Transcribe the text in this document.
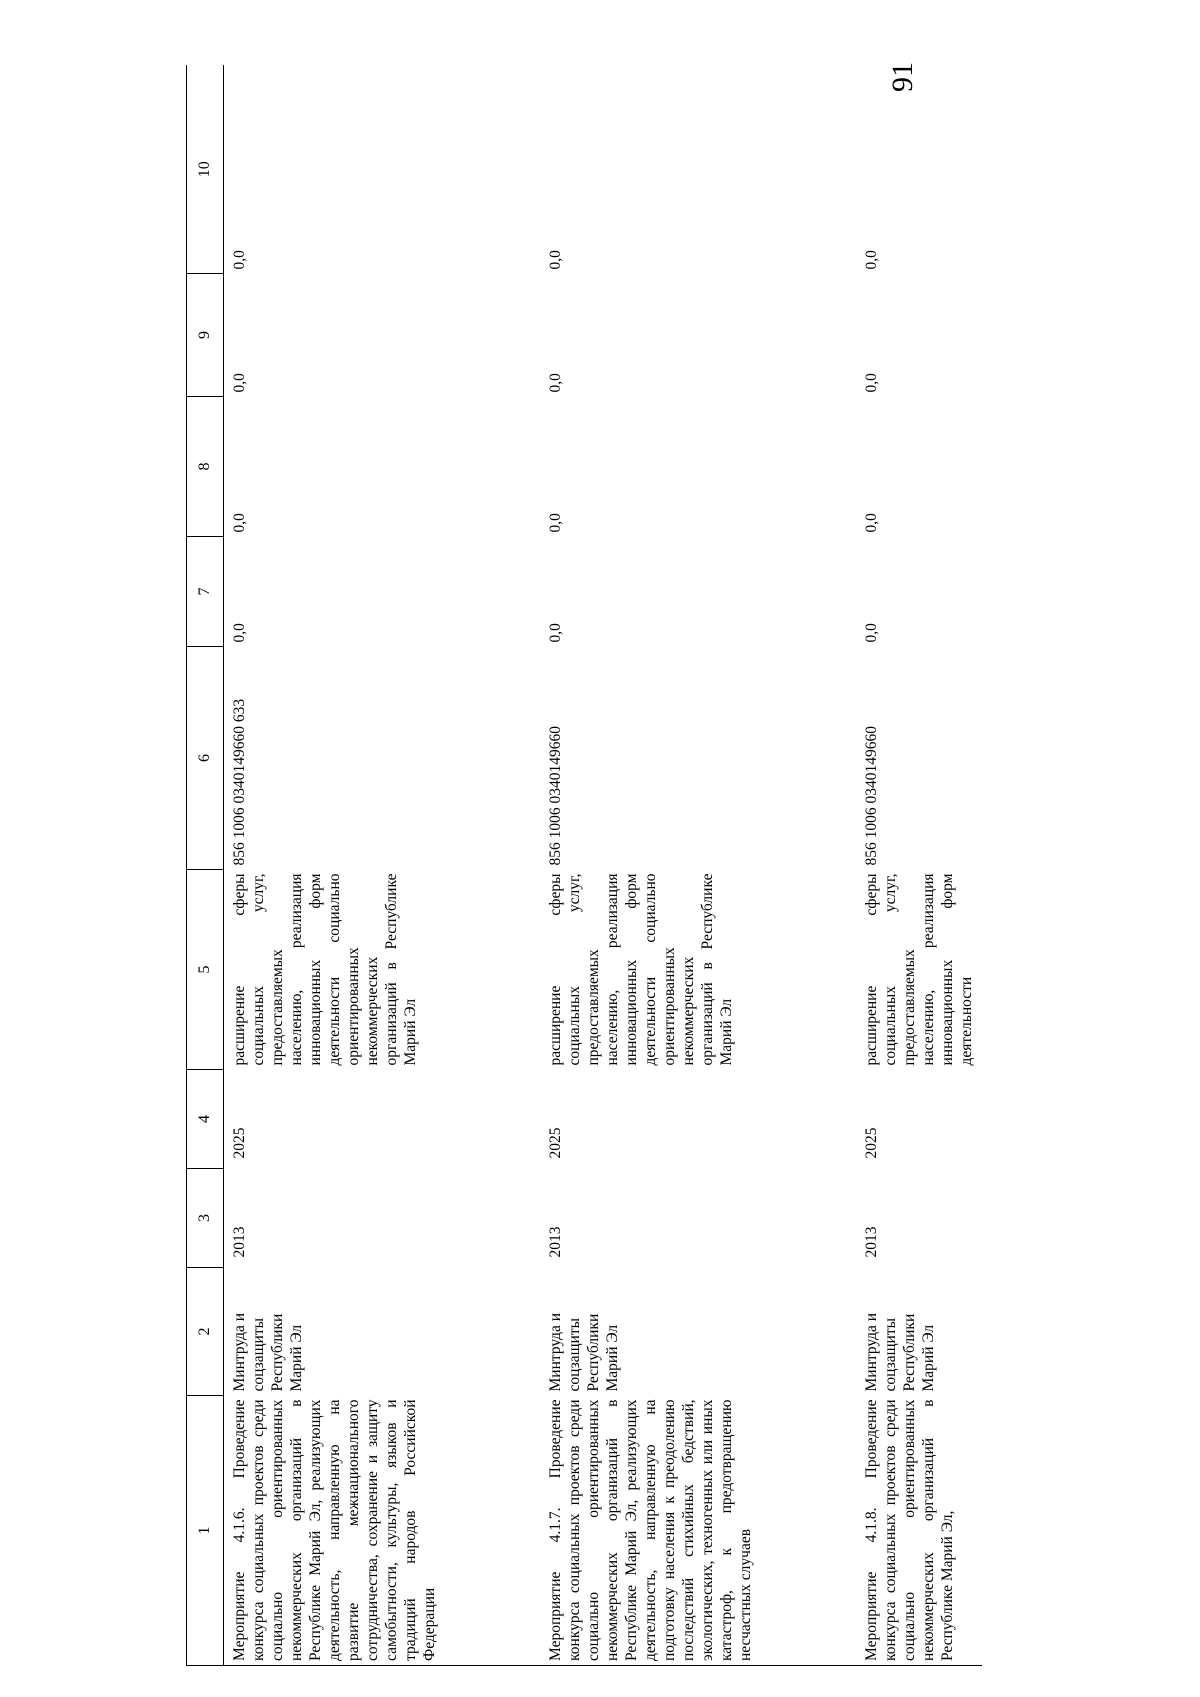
91
1	2	3	4	5	6	7	8	9	10
Мероприятие 4.1.6. Проведение конкурса социальных проектов среди социально ориентированных некоммерческих организаций в Республике Марий Эл, реализующих деятельность, направленную на развитие межнационального сотрудничества, сохранение и защиту самобытности, культуры, языков и традиций народов Российской Федерации	Минтруда и соцзащиты Республики Марий Эл	2013	2025	расширение сферы социальных услуг, предоставляемых населению, реализация инновационных форм деятельности социально ориентированных некоммерческих организаций в Республике Марий Эл	856 1006 0340149660 633	0,0	0,0	0,0	0,0
Мероприятие 4.1.7. Проведение конкурса социальных проектов среди социально ориентированных некоммерческих организаций в Республике Марий Эл, реализующих деятельность, направленную на подготовку населения к преодолению последствий стихийных бедствий, экологических, техногенных или иных катастроф, к предотвращению несчастных случаев	Минтруда и соцзащиты Республики Марий Эл	2013	2025	расширение сферы социальных услуг, предоставляемых населению, реализация инновационных форм деятельности социально ориентированных некоммерческих организаций в Республике Марий Эл	856 1006 0340149660	0,0	0,0	0,0	0,0
Мероприятие 4.1.8. Проведение конкурса социальных проектов среди социально ориентированных некоммерческих организаций в Республике Марий Эл,	Минтруда и соцзащиты Республики Марий Эл	2013	2025	расширение сферы социальных услуг, предоставляемых населению, реализация инновационных форм деятельности	856 1006 0340149660	0,0	0,0	0,0	0,0
